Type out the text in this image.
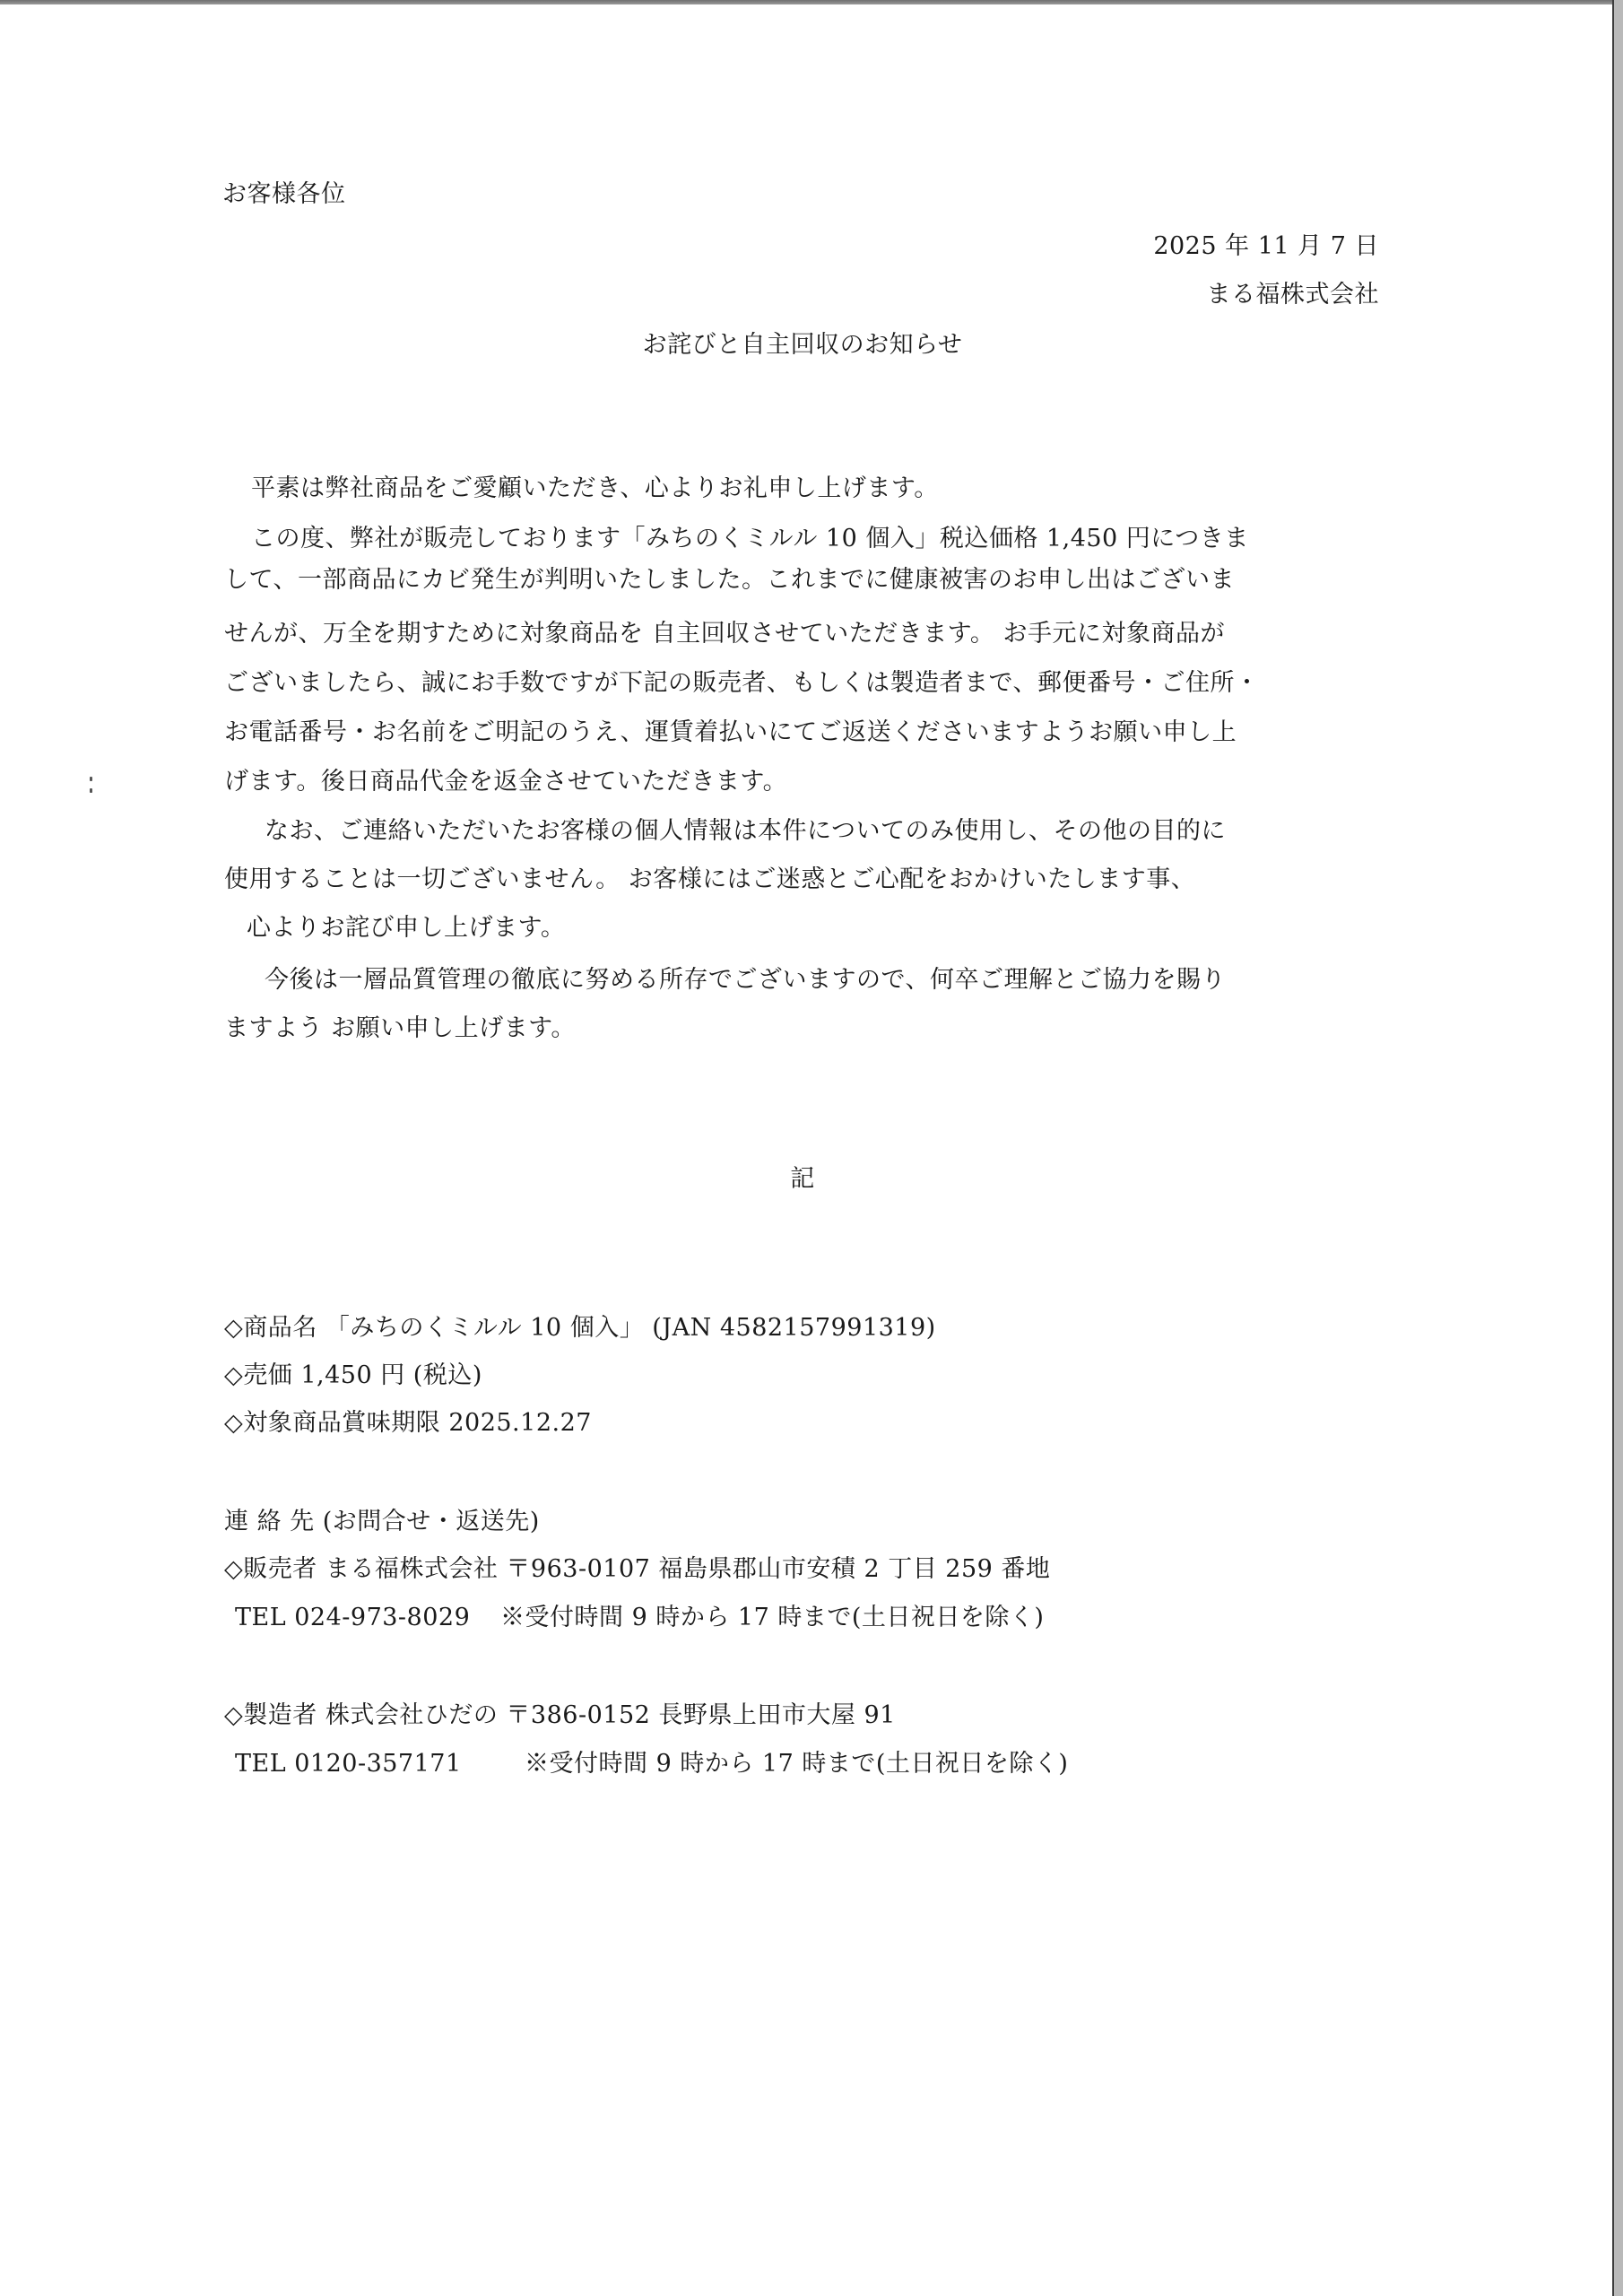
お客様各位
2025 年 11 月 7 日
まる福株式会社
お詫びと自主回収のお知らせ
平素は弊社商品をご愛顧いただき、心よりお礼申し上げます。
この度、弊社が販売しております「みちのくミルル 10 個入」税込価格 1,450 円につきま
して、一部商品にカビ発生が判明いたしました。これまでに健康被害のお申し出はございま
せんが、万全を期すために対象商品を 自主回収させていただきます。 お手元に対象商品が
ございましたら、誠にお手数ですが下記の販売者、もしくは製造者まで、郵便番号・ご住所・
お電話番号・お名前をご明記のうえ、運賃着払いにてご返送くださいますようお願い申し上
げます。後日商品代金を返金させていただきます。
なお、ご連絡いただいたお客様の個人情報は本件についてのみ使用し、その他の目的に
使用することは一切ございません。 お客様にはご迷惑とご心配をおかけいたします事、
心よりお詫び申し上げます。
今後は一層品質管理の徹底に努める所存でございますので、何卒ご理解とご協力を賜り
ますよう お願い申し上げます。
記
◇商品名 「みちのくミルル 10 個入」 (JAN 4582157991319)
◇売価 1,450 円 (税込)
◇対象商品賞味期限 2025.12.27
連 絡 先 (お問合せ・返送先)
◇販売者 まる福株式会社 〒963-0107 福島県郡山市安積 2 丁目 259 番地
TEL 024-973-8029 ※受付時間 9 時から 17 時まで(土日祝日を除く)
◇製造者 株式会社ひだの 〒386-0152 長野県上田市大屋 91
TEL 0120-357171	※受付時間 9 時から 17 時まで(土日祝日を除く)
